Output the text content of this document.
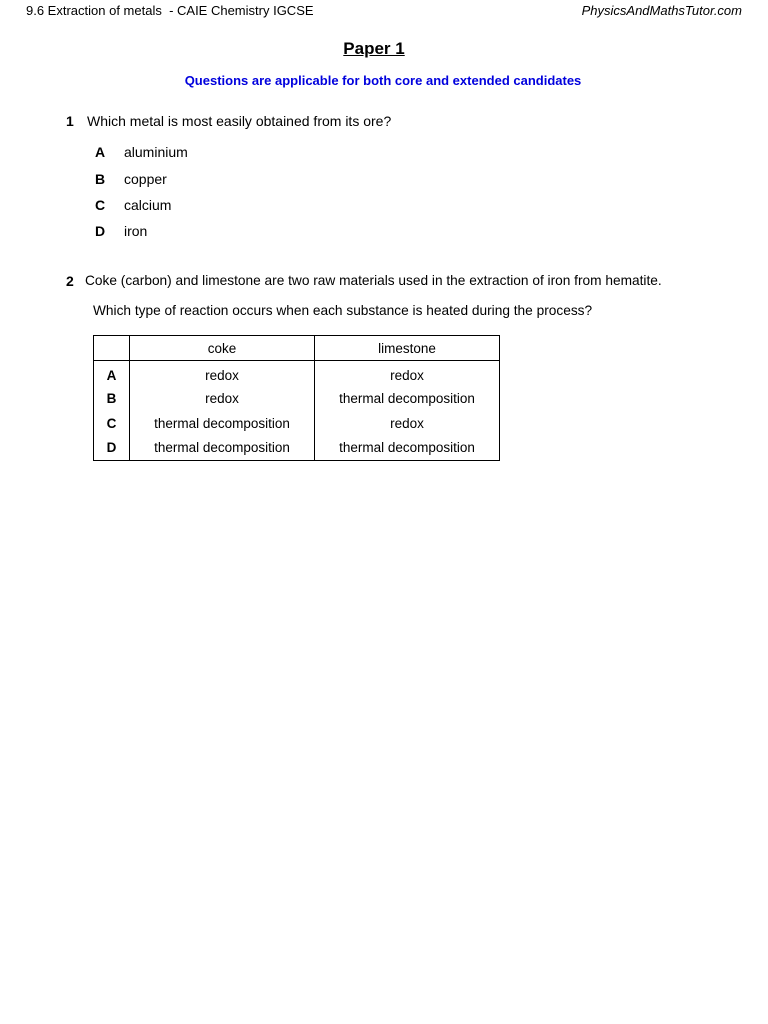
9.6 Extraction of metals  - CAIE Chemistry IGCSE	PhysicsAndMathsTutor.com
Paper 1
Questions are applicable for both core and extended candidates
1 Which metal is most easily obtained from its ore?
A aluminium
B copper
C calcium
D iron
2 Coke (carbon) and limestone are two raw materials used in the extraction of iron from hematite.
Which type of reaction occurs when each substance is heated during the process?
	coke	limestone
A	redox	redox
B	redox	thermal decomposition
C	thermal decomposition	redox
D	thermal decomposition	thermal decomposition
